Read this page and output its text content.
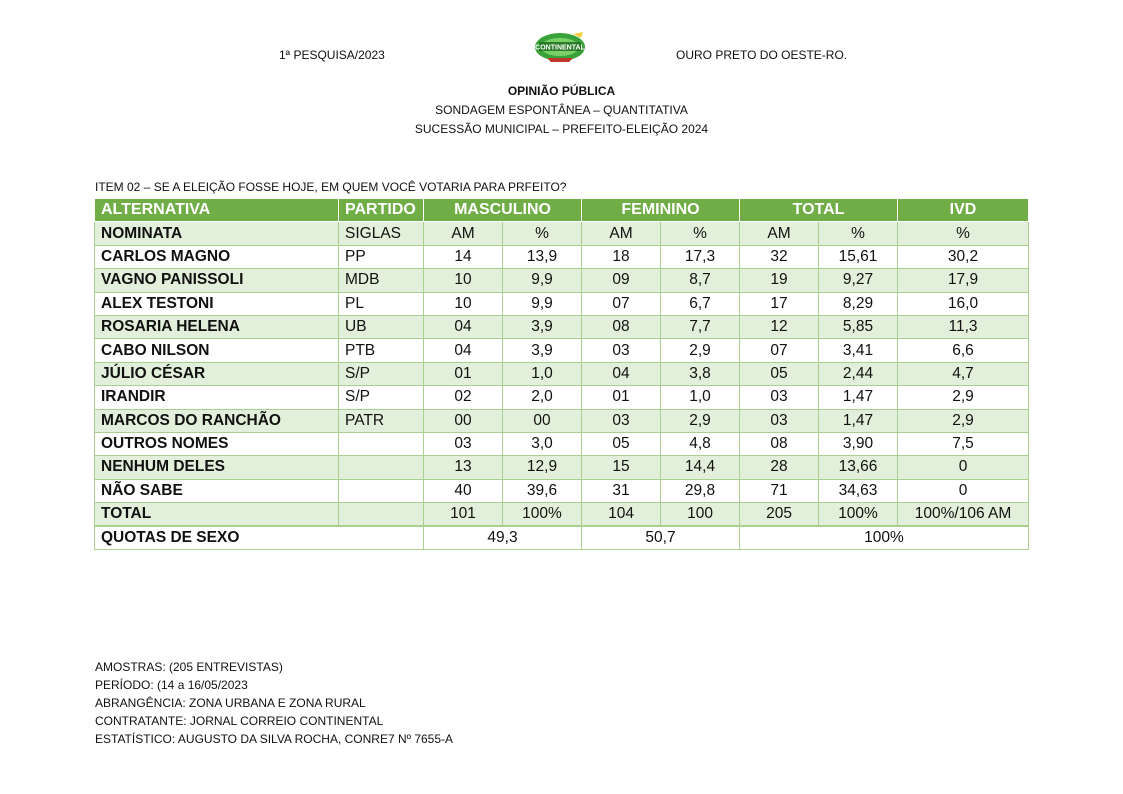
1ª PESQUISA/2023	CONTINENTAL	OURO PRETO DO OESTE-RO.
OPINIÃO PÚBLICA
SONDAGEM ESPONTÂNEA – QUANTITATIVA
SUCESSÃO MUNICIPAL – PREFEITO-ELEIÇÃO 2024
ITEM 02 – SE A ELEIÇÃO FOSSE HOJE, EM QUEM VOCÊ VOTARIA PARA PRFEITO?
ALTERNATIVA	PARTIDO	MASCULINO		FEMININO		TOTAL		IVD
NOMINATA	SIGLAS	AM	%	AM	%	AM	%	%
CARLOS MAGNO	PP	14	13,9	18	17,3	32	15,61	30,2
VAGNO PANISSOLI	MDB	10	9,9	09	8,7	19	9,27	17,9
ALEX TESTONI	PL	10	9,9	07	6,7	17	8,29	16,0
ROSARIA HELENA	UB	04	3,9	08	7,7	12	5,85	11,3
CABO NILSON	PTB	04	3,9	03	2,9	07	3,41	6,6
JÚLIO CÉSAR	S/P	01	1,0	04	3,8	05	2,44	4,7
IRANDIR	S/P	02	2,0	01	1,0	03	1,47	2,9
MARCOS DO RANCHÃO	PATR	00	00	03	2,9	03	1,47	2,9
OUTROS NOMES		03	3,0	05	4,8	08	3,90	7,5
NENHUM DELES		13	12,9	15	14,4	28	13,66	0
NÃO SABE		40	39,6	31	29,8	71	34,63	0
TOTAL		101	100%	104	100	205	100%	100%/106 AM
QUOTAS DE SEXO	49,3	50,7	100%
AMOSTRAS: (205 ENTREVISTAS)
PERÍODO: (14 a 16/05/2023
ABRANGÊNCIA: ZONA URBANA E ZONA RURAL
CONTRATANTE: JORNAL CORREIO CONTINENTAL
ESTATÍSTICO: AUGUSTO DA SILVA ROCHA, CONRE7 Nº 7655-A
